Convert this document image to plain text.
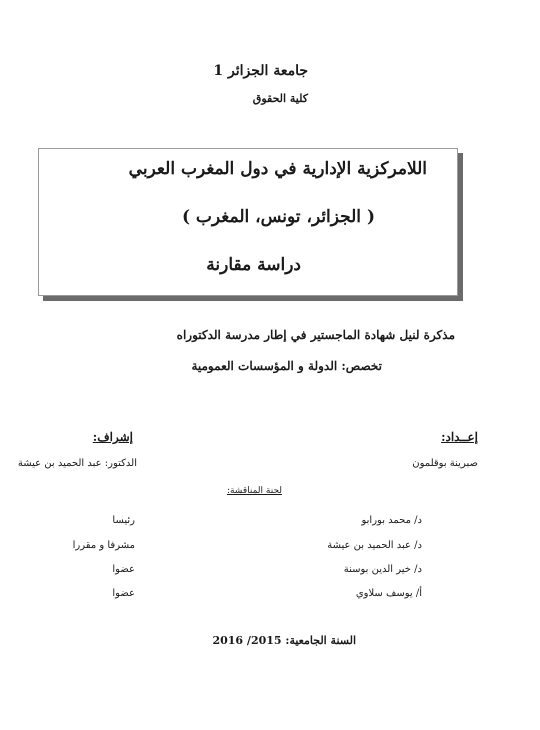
جامعة الجزائر 1
كلية الحقوق
اللامركزية الإدارية في دول المغرب العربي
( الجزائر، تونس، المغرب )
دراسة مقارنة
مذكرة لنيل شهادة الماجستير في إطار مدرسة الدكتوراه
تخصص: الدولة و المؤسسات العمومية
إعــداد:
صبرينة بوقلمون
إشراف:
الدكتور: عبد الحميد بن عيشة
لجنة المناقشة:
د/ محمد بورابو
رئيسا
د/ عبد الحميد بن عيشة
مشرفا و مقررا
د/ خير الدين بوسنة
عضوا
أ/ يوسف سلاوي
عضوا
السنة الجامعية: 2015/ 2016
